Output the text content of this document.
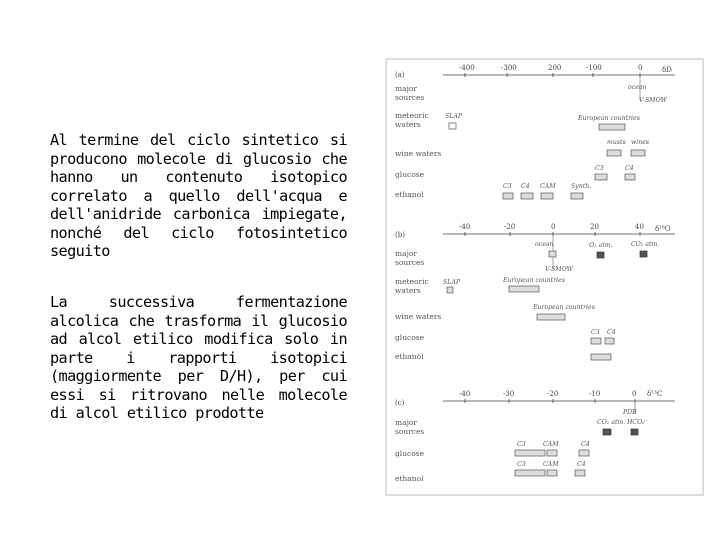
Al termine del ciclo sintetico si producono molecole di glucosio che hanno un contenuto isotopico correlato a quello dell'acqua e dell'anidride carbonica impiegate, nonché del ciclo fotosintetico seguito

La successiva fermentazione alcolica che trasforma il glucosio ad alcol etilico modifica solo in parte i rapporti isotopici (maggiormente per D/H), per cui essi si ritrovano nelle molecole di alcol etilico prodotte

(a)
-400	-300	200	-100	0	δD
major
sources
meteoric
waters
wine waters
glucose
ethanol
ocean
V-SMOW
SLAP	European countries
musts wines
C3	C4
C3 C4 CAM Synth.
(b)
-40	-20	0	20	40 δ¹⁸O
major
sources
meteoric
waters
wine waters
glucose
ethanol
ocean
V-SMOW
O₂ atm.	CO₂ atm.
SLAP	European countries
European countries
C3 C4
(c)
-40	-30	-20	-10	0 δ¹³C
major
sources
glucose
ethanol
PDB
CO₂ atm. HCO₃⁻
C3	CAM	C4
C3	CAM	C4
